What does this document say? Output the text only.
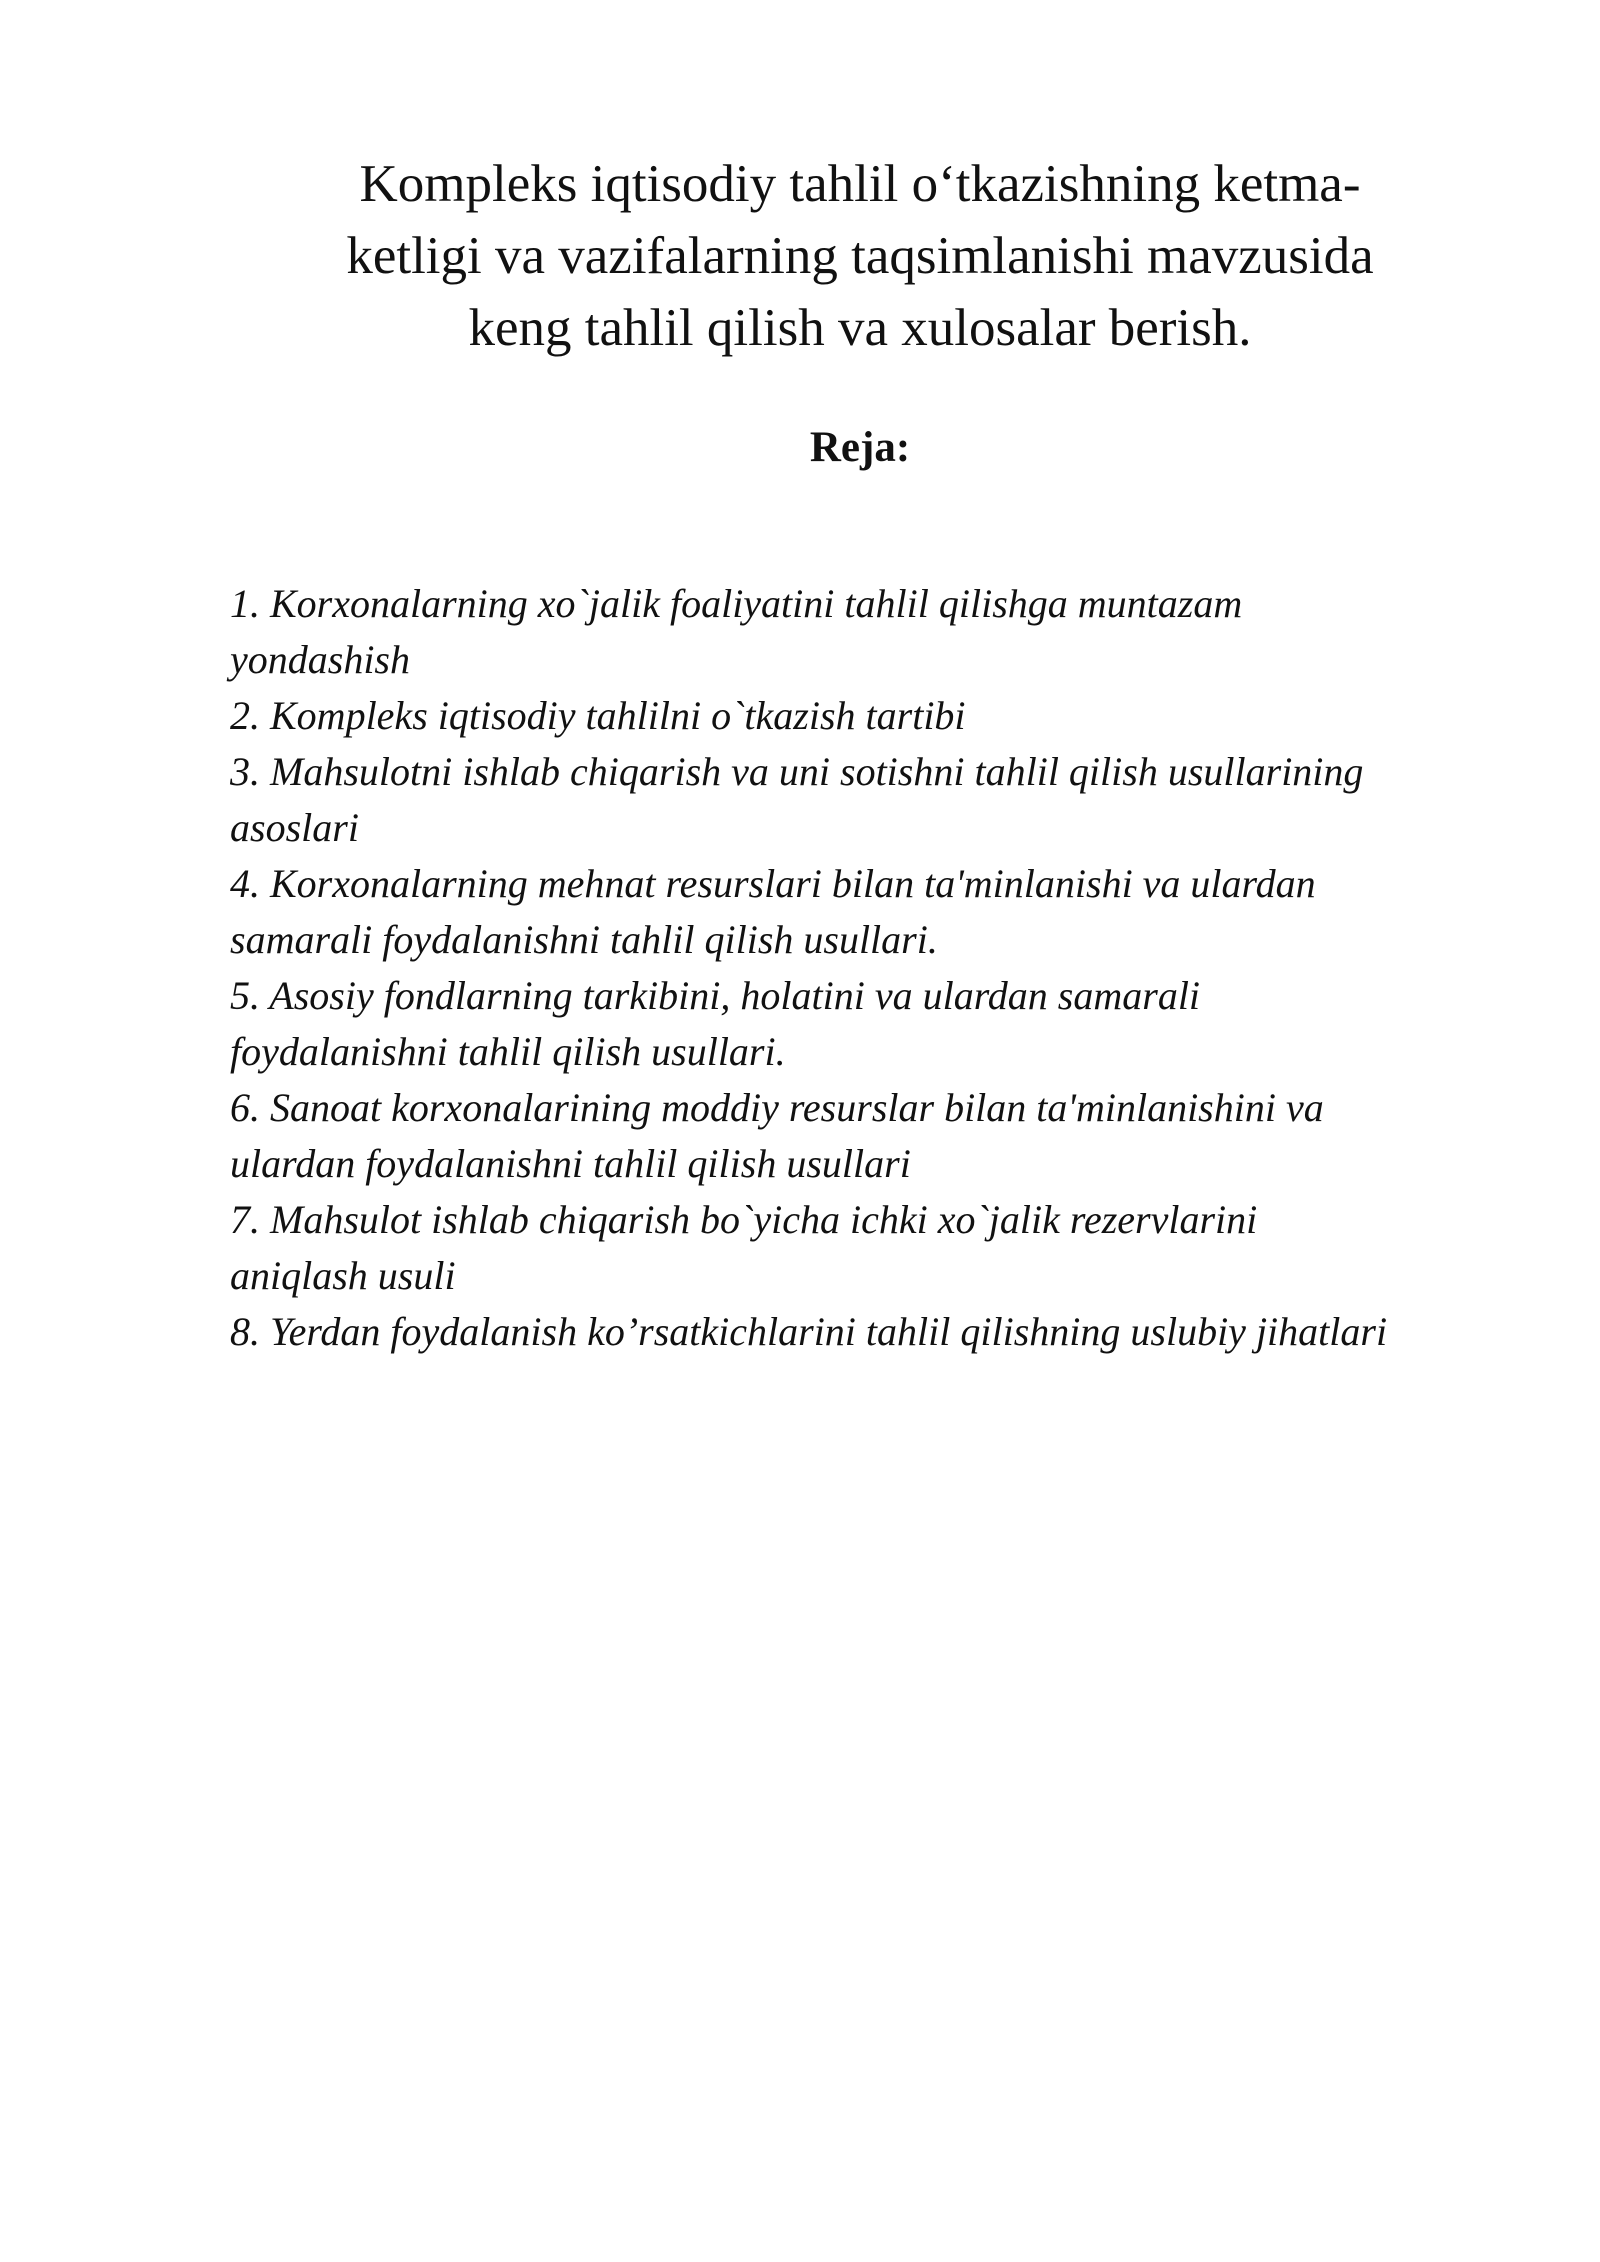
Kompleks iqtisodiy tahlil o‘tkazishning ketma-
ketligi va vazifalarning taqsimlanishi mavzusida
keng tahlil qilish va xulosalar berish.
Reja:
1. Korxonalarning xo`jalik foaliyatini tahlil qilishga muntazam
yondashish
2. Kompleks iqtisodiy tahlilni o`tkazish tartibi
3. Mahsulotni ishlab chiqarish va uni sotishni tahlil qilish usullarining
asoslari
4. Korxonalarning mehnat resurslari bilan ta'minlanishi va ulardan
samarali foydalanishni tahlil qilish usullari.
5. Asosiy fondlarning tarkibini, holatini va ulardan samarali
foydalanishni tahlil qilish usullari.
6. Sanoat korxonalarining moddiy resurslar bilan ta'minlanishini va
ulardan foydalanishni tahlil qilish usullari
7. Mahsulot ishlab chiqarish bo`yicha ichki xo`jalik rezervlarini
aniqlash usuli
8. Yerdan foydalanish ko’rsatkichlarini tahlil qilishning uslubiy jihatlari
